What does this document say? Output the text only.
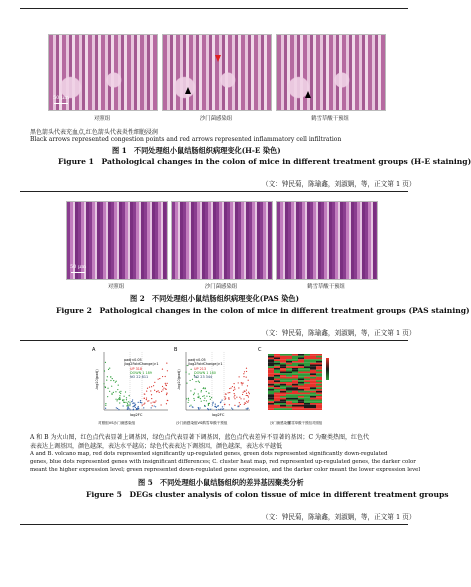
50 μm
对照组	沙门菌感染组	鹤雪草酸干预组
黑色箭头代表充血点,红色箭头代表炎性细胞浸润
Black arrows represented congestion points and red arrows represented inflammatory cell infiltration
图 1　不同处理组小鼠结肠组织病理变化(H-E 染色)
Figure 1　Pathological changes in the colon of mice in different treatment groups (H-E staining)
（文：钟民菊，陈瑜鑫，刘淑娴，等，正文第 1 页）
50 μm
对照组	沙门菌感染组	鹤雪草酸干预组
图 2　不同处理组小鼠结肠组织病理变化(PAS 染色)
Figure 2　Pathological changes in the colon of mice in different treatment groups (PAS staining)
（文：钟民菊，陈瑜鑫，刘淑娴，等，正文第 1 页）
A
padj<0.05
|log2FoldChange|>1
UP 318
DOWN 1 189
NO 22 811
log2FC
-log10(padj)
对照组VS沙门菌感染组
B
padj<0.05
|log2FoldChange|>1
UP 213
DOWN 1 180
NO 23 344
log2FC
-log10(padj)
沙门菌感染组VS鹤雪草酸干预组
C
沙门菌感染组
鹤雪草酸干预组 对照组
A 和 B 为火山图，红色点代表显著上调基因，绿色点代表显著下调基因，蓝色点代表差异不显著的基因；C 为聚类热图，红色代
表表达上调基因，颜色越深，表达水平越高；绿色代表表达下调基因，颜色越深，表达水平越低
A and B. volcano map, red dots represented significantly up-regulated genes, green dots represented significantly down-regulated
genes, blue dots represented genes with insignificant differences; C. cluster heat map, red represented up-regulated genes, the darker color
meant the higher expression level; green represented down-regulated gene expression, and the darker color meant the lower expression level
图 5　不同处理组小鼠结肠组织的差异基因聚类分析
Figure 5　DEGs cluster analysis of colon tissue of mice in different treatment groups
（文：钟民菊，陈瑜鑫，刘淑娴，等，正文第 1 页）
